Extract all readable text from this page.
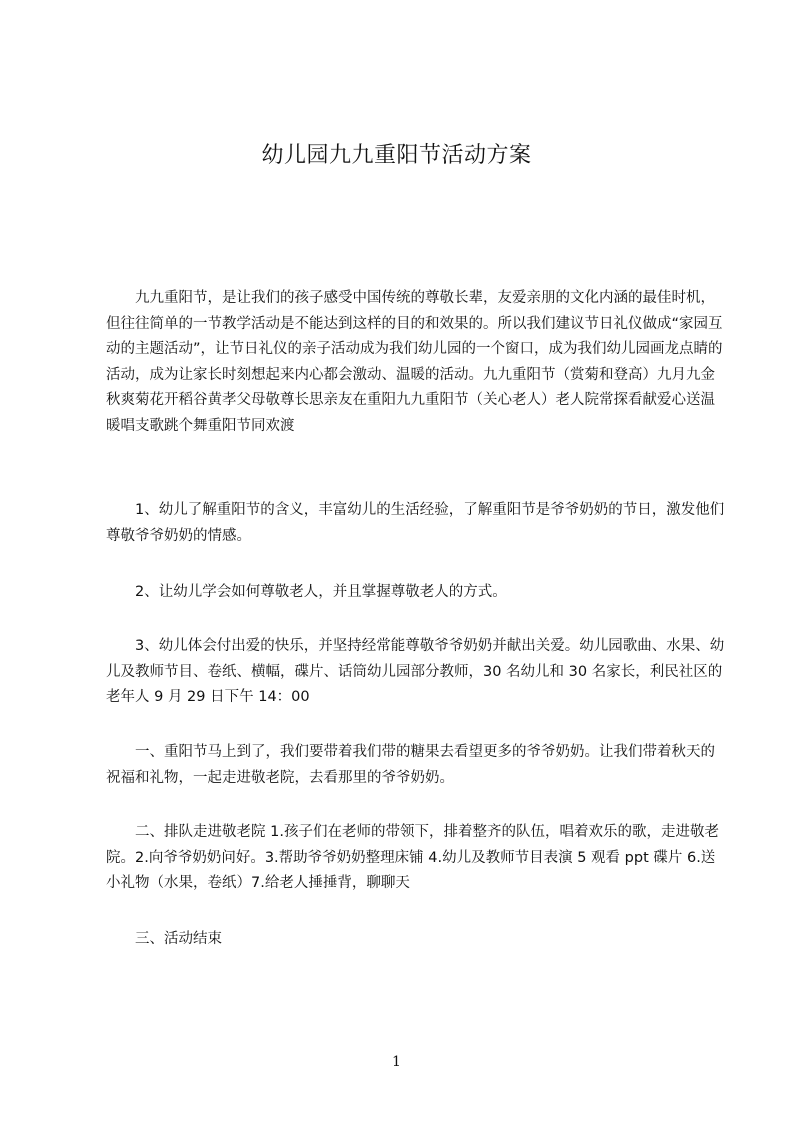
幼儿园九九重阳节活动方案

九九重阳节，是让我们的孩子感受中国传统的尊敬长辈，友爱亲朋的文化内涵的最佳时机，但往往简单的一节教学活动是不能达到这样的目的和效果的。所以我们建议节日礼仪做成“家园互动的主题活动”，让节日礼仪的亲子活动成为我们幼儿园的一个窗口，成为我们幼儿园画龙点睛的活动，成为让家长时刻想起来内心都会激动、温暖的活动。九九重阳节（赏菊和登高）九月九金秋爽菊花开稻谷黄孝父母敬尊长思亲友在重阳九九重阳节（关心老人）老人院常探看献爱心送温暖唱支歌跳个舞重阳节同欢渡

1、幼儿了解重阳节的含义，丰富幼儿的生活经验，了解重阳节是爷爷奶奶的节日，激发他们尊敬爷爷奶奶的情感。

2、让幼儿学会如何尊敬老人，并且掌握尊敬老人的方式。

3、幼儿体会付出爱的快乐，并坚持经常能尊敬爷爷奶奶并献出关爱。幼儿园歌曲、水果、幼儿及教师节目、卷纸、横幅，碟片、话筒幼儿园部分教师，30 名幼儿和 30 名家长，利民社区的老年人 9 月 29 日下午 14：00

一、重阳节马上到了，我们要带着我们带的糖果去看望更多的爷爷奶奶。让我们带着秋天的祝福和礼物，一起走进敬老院，去看那里的爷爷奶奶。

二、排队走进敬老院 1.孩子们在老师的带领下，排着整齐的队伍，唱着欢乐的歌，走进敬老院。2.向爷爷奶奶问好。3.帮助爷爷奶奶整理床铺 4.幼儿及教师节目表演 5 观看 ppt 碟片 6.送小礼物（水果，卷纸）7.给老人捶捶背，聊聊天

三、活动结束

1
